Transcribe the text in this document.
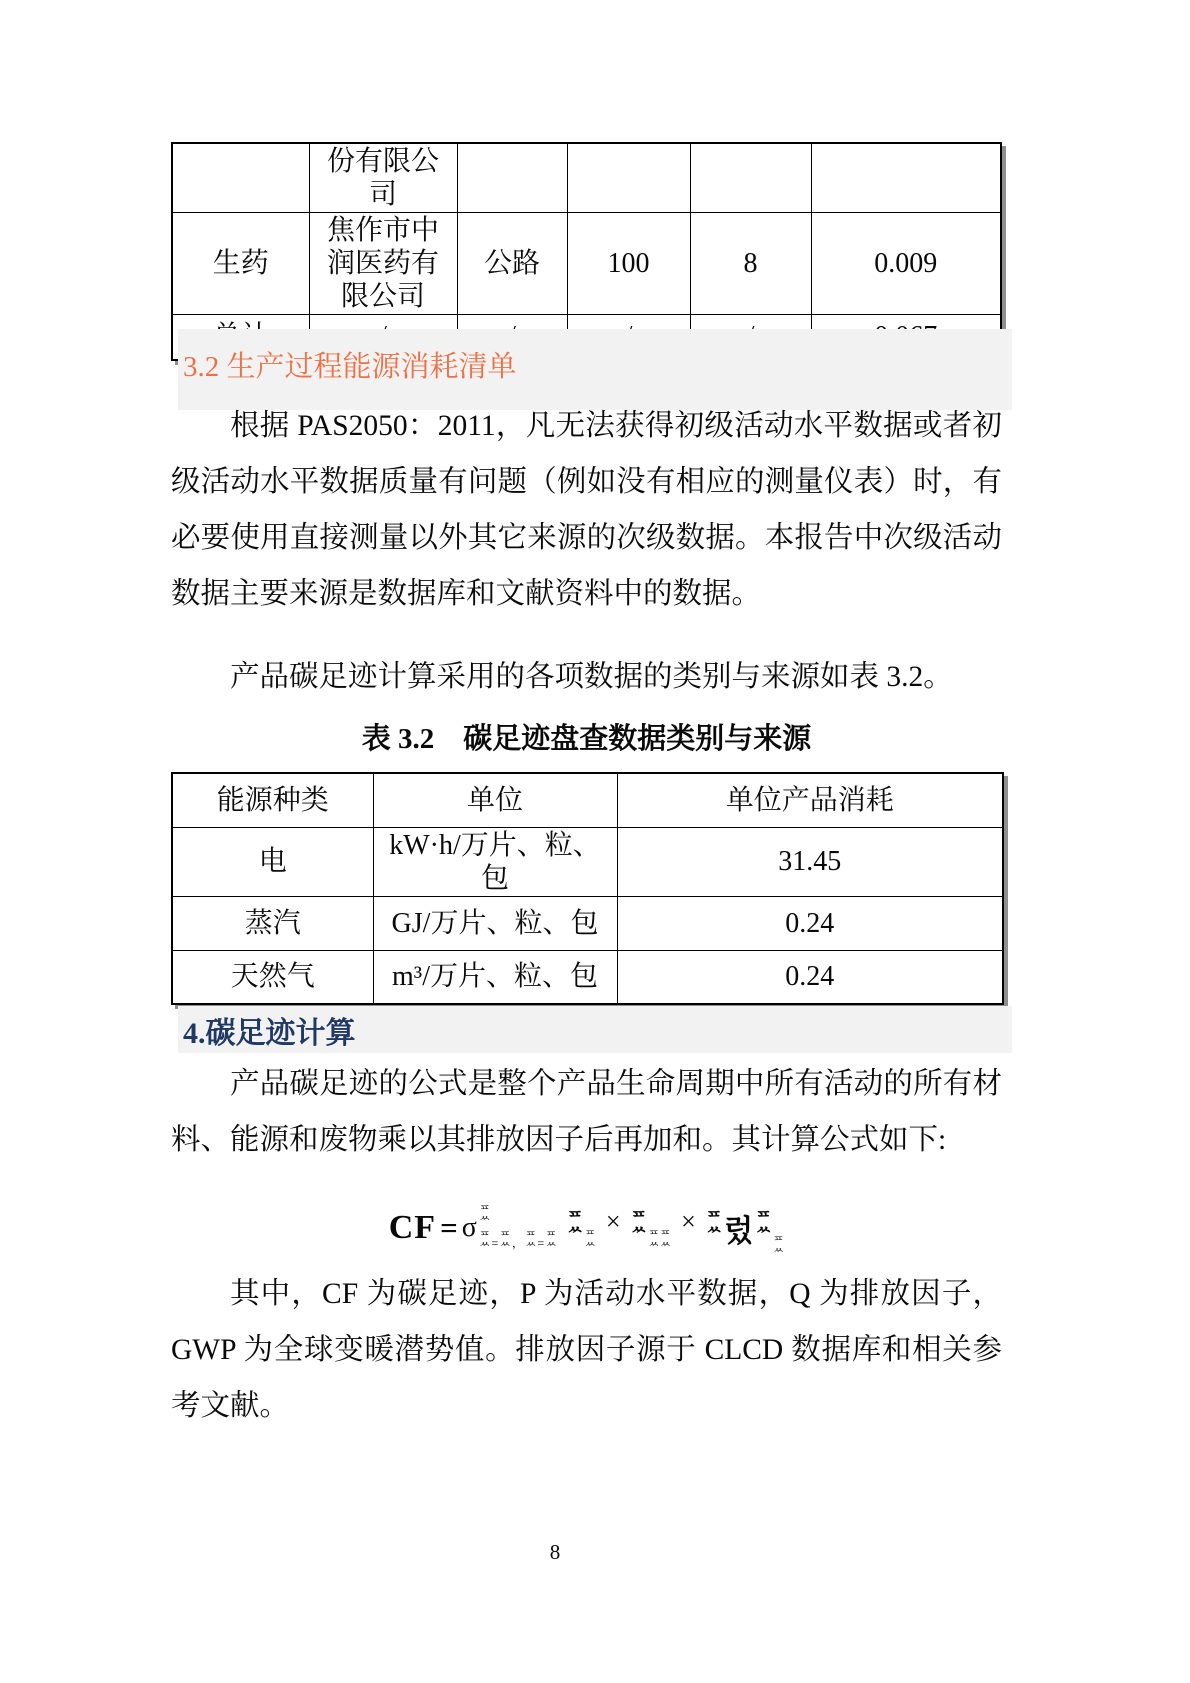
	份有限公司				
生药	焦作市中润医药有限公司	公路	100	8	0.009

3.2 生产过程能源消耗清单
根据 PAS2050：2011，凡无法获得初级活动水平数据或者初级活动水平数据质量有问题（例如没有相应的测量仪表）时，有必要使用直接测量以外其它来源的次级数据。本报告中次级活动数据主要来源是数据库和文献资料中的数据。
产品碳足迹计算采用的各项数据的类别与来源如表 3.2。
表 3.2　碳足迹盘查数据类别与来源
能源种类	单位	单位产品消耗
电	kW·h/万片、粒、包	31.45
蒸汽	GJ/万片、粒、包	0.24
天然气	m³/万片、粒、包	0.24
4.碳足迹计算
产品碳足迹的公式是整个产品生命周期中所有活动的所有材料、能源和废物乘以其排放因子后再加和。其计算公式如下:
CF = σ
ᄑ
ᄊ
ᄑ
ᄊ = ᄑ
ᄊ ， ᄑ
ᄊ = ᄑ
ᄊ
ᄑ
ᄊ ᄑ
ᄊ
× ᄑ
ᄊ ᄑ
ᄊ
ᄑ
ᄊ
× ᄑ
ᄊ 렀 ᄑ
ᄊ ᄑ
ᄊ
其中，CF 为碳足迹，P 为活动水平数据，Q 为排放因子，GWP 为全球变暖潜势值。排放因子源于 CLCD 数据库和相关参考文献。
8
